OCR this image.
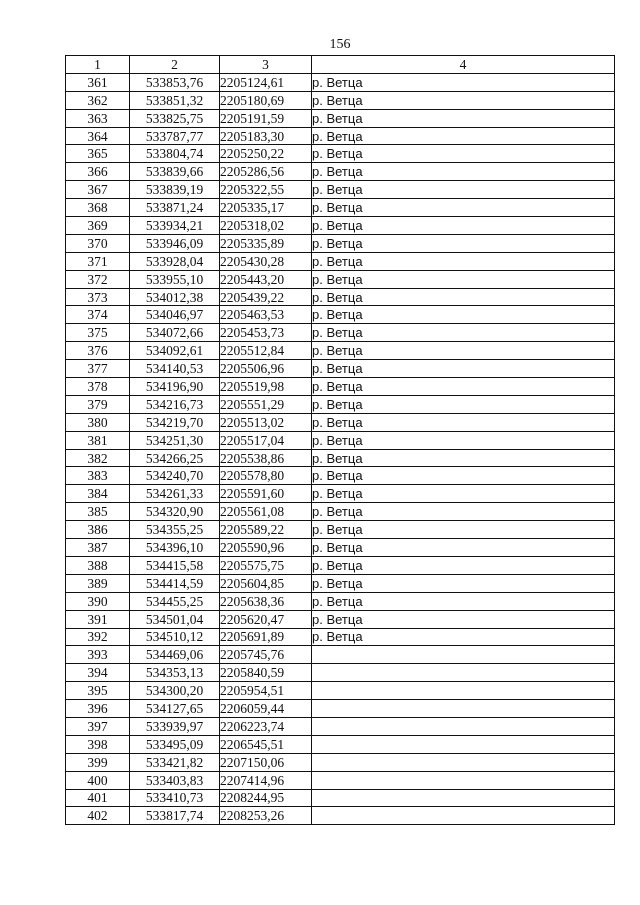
156
1	2	3	4
361	533853,76	2205124,61	р. Ветца
362	533851,32	2205180,69	р. Ветца
363	533825,75	2205191,59	р. Ветца
364	533787,77	2205183,30	р. Ветца
365	533804,74	2205250,22	р. Ветца
366	533839,66	2205286,56	р. Ветца
367	533839,19	2205322,55	р. Ветца
368	533871,24	2205335,17	р. Ветца
369	533934,21	2205318,02	р. Ветца
370	533946,09	2205335,89	р. Ветца
371	533928,04	2205430,28	р. Ветца
372	533955,10	2205443,20	р. Ветца
373	534012,38	2205439,22	р. Ветца
374	534046,97	2205463,53	р. Ветца
375	534072,66	2205453,73	р. Ветца
376	534092,61	2205512,84	р. Ветца
377	534140,53	2205506,96	р. Ветца
378	534196,90	2205519,98	р. Ветца
379	534216,73	2205551,29	р. Ветца
380	534219,70	2205513,02	р. Ветца
381	534251,30	2205517,04	р. Ветца
382	534266,25	2205538,86	р. Ветца
383	534240,70	2205578,80	р. Ветца
384	534261,33	2205591,60	р. Ветца
385	534320,90	2205561,08	р. Ветца
386	534355,25	2205589,22	р. Ветца
387	534396,10	2205590,96	р. Ветца
388	534415,58	2205575,75	р. Ветца
389	534414,59	2205604,85	р. Ветца
390	534455,25	2205638,36	р. Ветца
391	534501,04	2205620,47	р. Ветца
392	534510,12	2205691,89	р. Ветца
393	534469,06	2205745,76	
394	534353,13	2205840,59	
395	534300,20	2205954,51	
396	534127,65	2206059,44	
397	533939,97	2206223,74	
398	533495,09	2206545,51	
399	533421,82	2207150,06	
400	533403,83	2207414,96	
401	533410,73	2208244,95	
402	533817,74	2208253,26	
